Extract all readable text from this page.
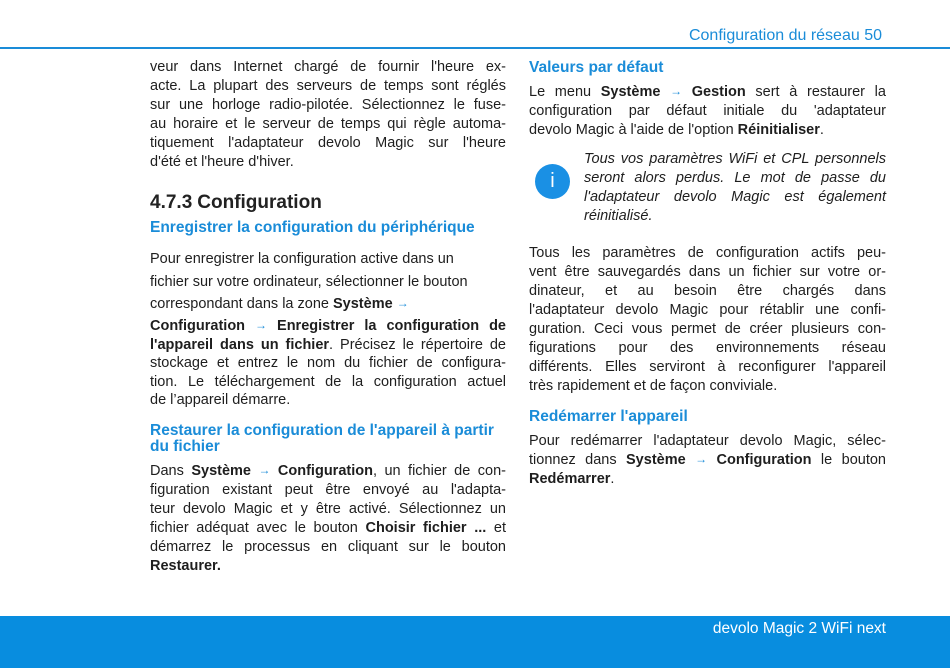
Configuration du réseau 50
veur dans Internet chargé de fournir l'heure ex-
acte. La plupart des serveurs de temps sont réglés
sur une horloge radio-pilotée. Sélectionnez le fuse-
au horaire et le serveur de temps qui règle automa-
tiquement l'adaptateur devolo Magic sur l'heure
d'été et l'heure d'hiver.
4.7.3 Configuration
Enregistrer la configuration du périphérique
Pour enregistrer la configuration active dans un
fichier sur votre ordinateur, sélectionner le bouton
correspondant dans la zone Système →
Configuration → Enregistrer la configuration de
l'appareil dans un fichier. Précisez le répertoire de
stockage et entrez le nom du fichier de configura-
tion. Le téléchargement de la configuration actuel
de l’appareil démarre.
Restaurer la configuration de l'appareil à partir
du fichier
Dans Système → Configuration, un fichier de con-
figuration existant peut être envoyé au l'adapta-
teur devolo Magic et y être activé. Sélectionnez un
fichier adéquat avec le bouton Choisir fichier ... et
démarrez le processus en cliquant sur le bouton
Restaurer.
Valeurs par défaut
Le menu Système → Gestion sert à restaurer la
configuration par défaut initiale du 'adaptateur
devolo Magic à l'aide de l'option Réinitialiser.
i
Tous vos paramètres WiFi et CPL personnels
seront alors perdus. Le mot de passe du
l'adaptateur devolo Magic est également
réinitialisé.
Tous les paramètres de configuration actifs peu-
vent être sauvegardés dans un fichier sur votre or-
dinateur, et au besoin être chargés dans
l'adaptateur devolo Magic pour rétablir une confi-
guration. Ceci vous permet de créer plusieurs con-
figurations pour des environnements réseau
différents. Elles serviront à reconfigurer l'appareil
très rapidement et de façon conviviale.
Redémarrer l'appareil
Pour redémarrer l'adaptateur devolo Magic, sélec-
tionnez dans Système → Configuration le bouton
Redémarrer.
devolo Magic 2 WiFi next
